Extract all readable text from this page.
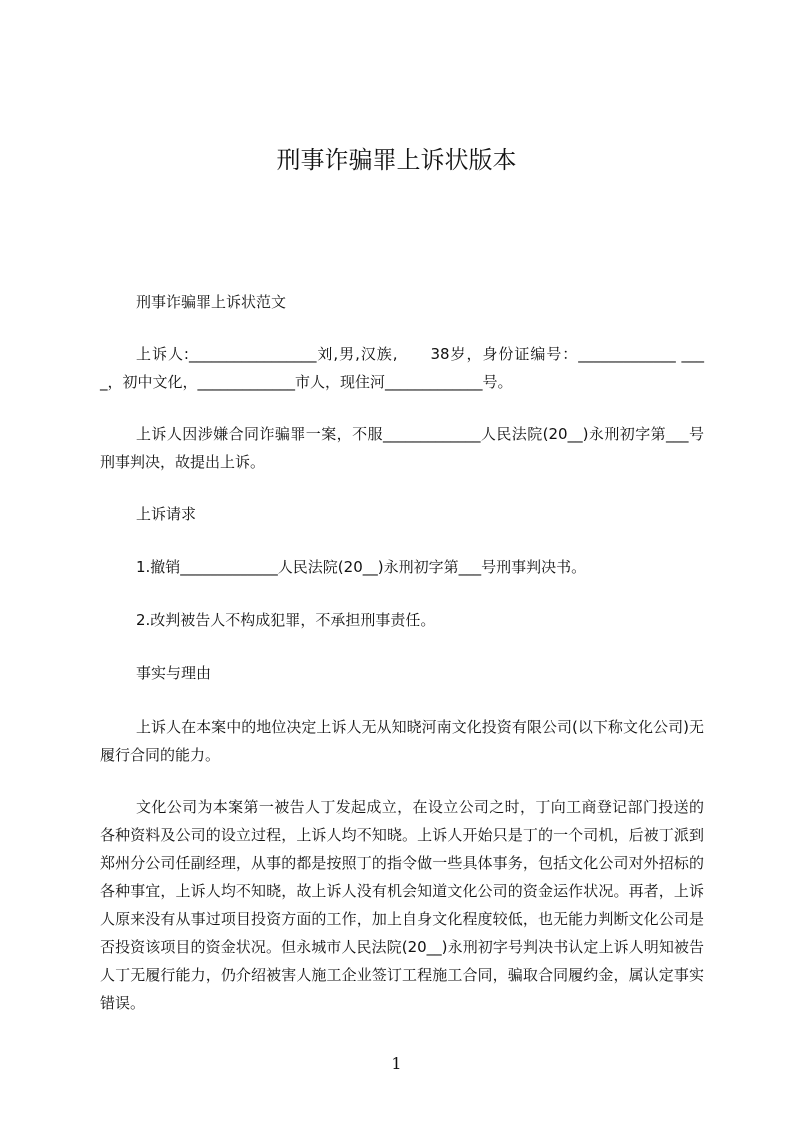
刑事诈骗罪上诉状版本

刑事诈骗罪上诉状范文

上诉人:_________________刘,男,汉族,　　38岁，身份证编号：_____________ ____，初中文化，_____________市人，现住河_____________号。

上诉人因涉嫌合同诈骗罪一案，不服_____________人民法院(20__)永刑初字第___号刑事判决，故提出上诉。

上诉请求

1.撤销_____________人民法院(20__)永刑初字第___号刑事判决书。

2.改判被告人不构成犯罪，不承担刑事责任。

事实与理由

上诉人在本案中的地位决定上诉人无从知晓河南文化投资有限公司(以下称文化公司)无履行合同的能力。

文化公司为本案第一被告人丁发起成立，在设立公司之时，丁向工商登记部门投送的各种资料及公司的设立过程，上诉人均不知晓。上诉人开始只是丁的一个司机，后被丁派到郑州分公司任副经理，从事的都是按照丁的指令做一些具体事务，包括文化公司对外招标的各种事宜，上诉人均不知晓，故上诉人没有机会知道文化公司的资金运作状况。再者，上诉人原来没有从事过项目投资方面的工作，加上自身文化程度较低，也无能力判断文化公司是否投资该项目的资金状况。但永城市人民法院(20__)永刑初字号判决书认定上诉人明知被告人丁无履行能力，仍介绍被害人施工企业签订工程施工合同，骗取合同履约金，属认定事实错误。

1
